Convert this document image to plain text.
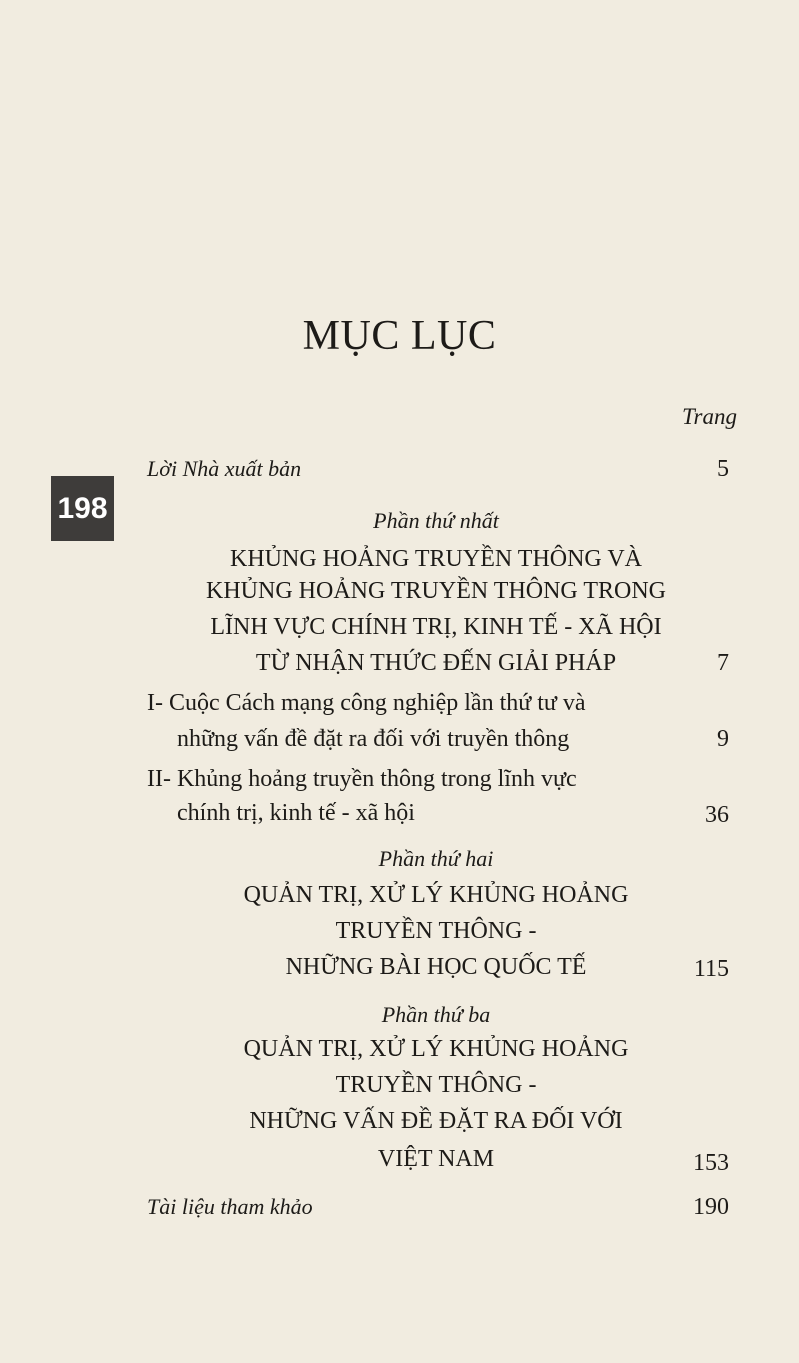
198
MỤC LỤC
Trang
Lời Nhà xuất bản	5
Phần thứ nhất
KHỦNG HOẢNG TRUYỀN THÔNG VÀ
KHỦNG HOẢNG TRUYỀN THÔNG TRONG
LĨNH VỰC CHÍNH TRỊ, KINH TẾ - XÃ HỘI
TỪ NHẬN THỨC ĐẾN GIẢI PHÁP	7
I- Cuộc Cách mạng công nghiệp lần thứ tư và
những vấn đề đặt ra đối với truyền thông	9
II- Khủng hoảng truyền thông trong lĩnh vực
chính trị, kinh tế - xã hội	36
Phần thứ hai
QUẢN TRỊ, XỬ LÝ KHỦNG HOẢNG
TRUYỀN THÔNG -
NHỮNG BÀI HỌC QUỐC TẾ	115
Phần thứ ba
QUẢN TRỊ, XỬ LÝ KHỦNG HOẢNG
TRUYỀN THÔNG -
NHỮNG VẤN ĐỀ ĐẶT RA ĐỐI VỚI
VIỆT NAM	153
Tài liệu tham khảo	190
